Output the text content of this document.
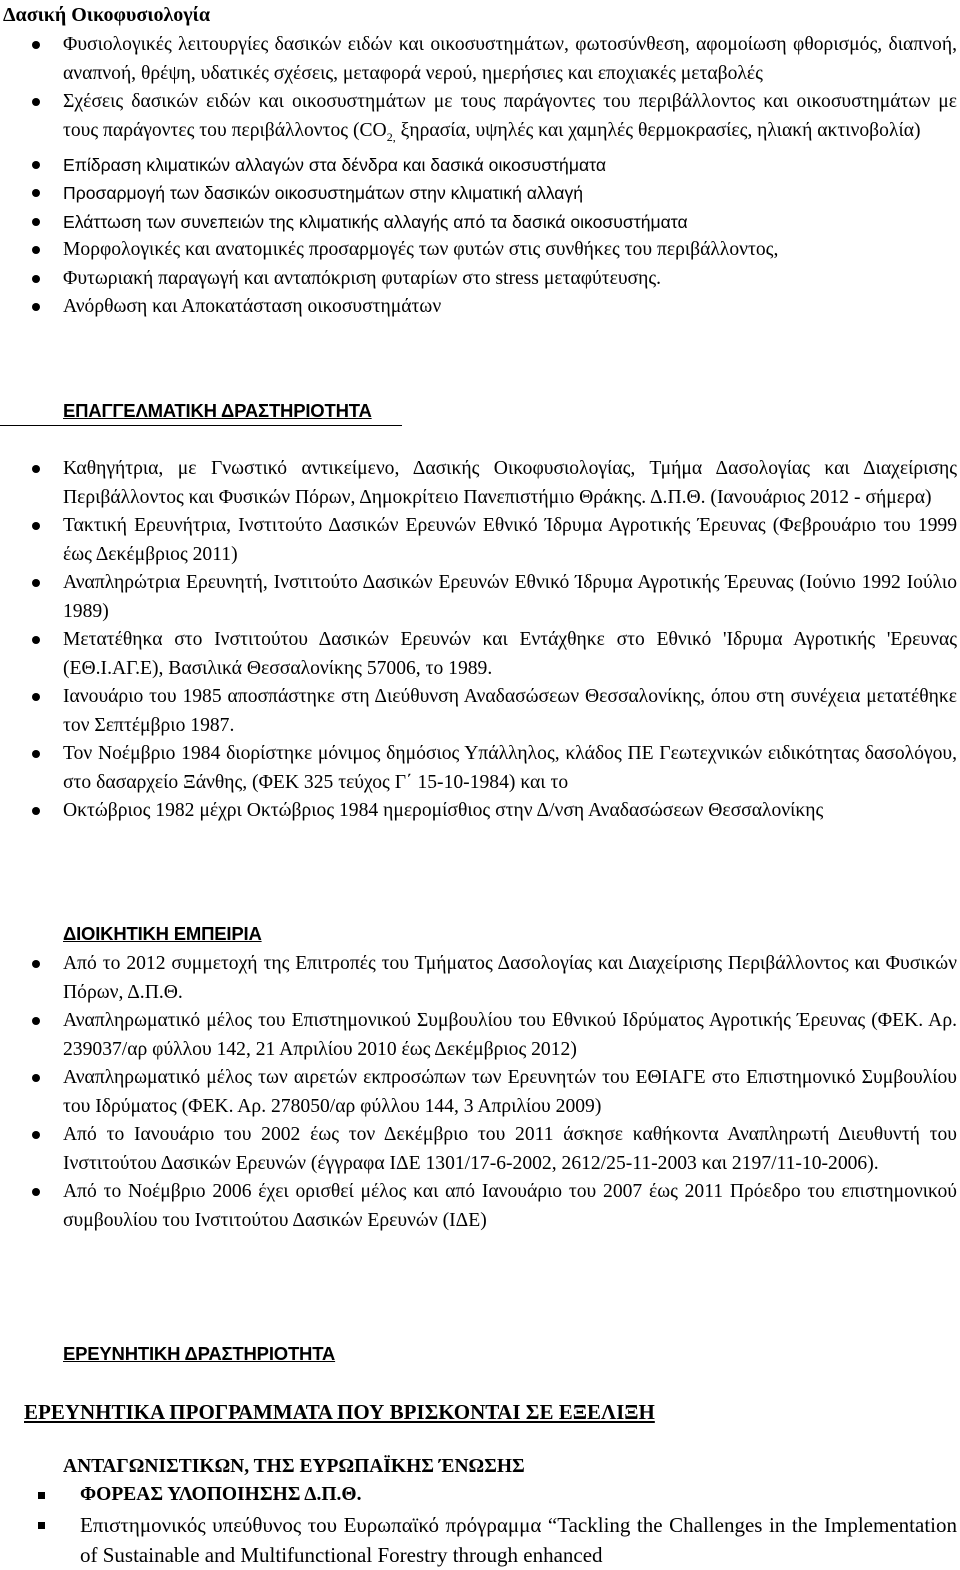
Δασική Οικοφυσιολογία
Φυσιολογικές λειτουργίες δασικών ειδών και οικοσυστημάτων, φωτοσύνθεση, αφομοίωση φθορισμός, διαπνοή, αναπνοή, θρέψη, υδατικές σχέσεις, μεταφορά νερού, ημερήσιες και εποχιακές μεταβολές
Σχέσεις δασικών ειδών και οικοσυστημάτων με τους παράγοντες του περιβάλλοντος και οικοσυστημάτων με τους παράγοντες του περιβάλλοντος ($CO_{2,}$ ξηρασία, υψηλές και χαμηλές θερμοκρασίες, ηλιακή ακτινοβολία)
Επίδραση κλιματικών αλλαγών στα δένδρα και δασικά οικοσυστήματα
Προσαρμογή των δασικών οικοσυστημάτων στην κλιματική αλλαγή
Ελάττωση των συνεπειών της κλιματικής αλλαγής από τα δασικά οικοσυστήματα
Μορφολογικές και ανατομικές προσαρμογές των φυτών στις συνθήκες του περιβάλλοντος,
Φυτωριακή παραγωγή και ανταπόκριση φυταρίων στο stress μεταφύτευσης.
Ανόρθωση και Αποκατάσταση οικοσυστημάτων
ΕΠΑΓΓΕΛΜΑΤΙΚΗ ΔΡΑΣΤΗΡΙΟΤΗΤΑ
Καθηγήτρια, με Γνωστικό αντικείμενο, Δασικής Οικοφυσιολογίας, Τμήμα Δασολογίας και Διαχείρισης Περιβάλλοντος και Φυσικών Πόρων, Δημοκρίτειο Πανεπιστήμιο Θράκης. Δ.Π.Θ. (Ιανουάριος 2012 - σήμερα)
Τακτική Ερευνήτρια, Ινστιτούτο Δασικών Ερευνών Εθνικό Ίδρυμα Αγροτικής Έρευνας (Φεβρουάριο του 1999 έως Δεκέμβριος 2011)
Αναπληρώτρια Ερευνητή, Ινστιτούτο Δασικών Ερευνών Εθνικό Ίδρυμα Αγροτικής Έρευνας (Ιούνιο 1992 Ιούλιο 1989)
Μετατέθηκα στο Ινστιτούτου Δασικών Ερευνών και Εντάχθηκε στο Εθνικό 'Ιδρυμα Αγροτικής 'Ερευνας (ΕΘ.Ι.ΑΓ.Ε), Βασιλικά Θεσσαλονίκης 57006, το 1989.
Ιανουάριο του 1985 αποσπάστηκε στη Διεύθυνση Αναδασώσεων Θεσσαλονίκης, όπου στη συνέχεια μετατέθηκε τον Σεπτέμβριο 1987.
Τον Νοέμβριο 1984 διορίστηκε μόνιμος δημόσιος Υπάλληλος, κλάδος ΠΕ Γεωτεχνικών ειδικότητας δασολόγου, στο δασαρχείο Ξάνθης, (ΦΕΚ 325 τεύχος Γ΄ 15-10-1984) και το
Οκτώβριος 1982 μέχρι Οκτώβριος 1984 ημερομίσθιος στην Δ/νση Αναδασώσεων Θεσσαλονίκης
ΔΙΟΙΚΗΤΙΚΗ ΕΜΠΕΙΡΙΑ
Από το 2012 συμμετοχή της Επιτροπές του Τμήματος Δασολογίας και Διαχείρισης Περιβάλλοντος και Φυσικών Πόρων, Δ.Π.Θ.
Αναπληρωματικό μέλος του Επιστημονικού Συμβουλίου του Εθνικού Ιδρύματος Αγροτικής Έρευνας (ΦΕΚ. Αρ. 239037/αρ φύλλου 142, 21 Απριλίου 2010 έως Δεκέμβριος 2012)
Αναπληρωματικό μέλος των αιρετών εκπροσώπων των Ερευνητών του ΕΘΙΑΓΕ στο Επιστημονικό Συμβουλίου του Ιδρύματος (ΦΕΚ. Αρ. 278050/αρ φύλλου 144, 3 Απριλίου 2009)
Από το Ιανουάριο του 2002 έως τον Δεκέμβριο του 2011 άσκησε καθήκοντα Αναπληρωτή Διευθυντή του Ινστιτούτου Δασικών Ερευνών (έγγραφα ΙΔΕ 1301/17-6-2002, 2612/25-11-2003 και 2197/11-10-2006).
Από το Νοέμβριο 2006 έχει ορισθεί μέλος και από Ιανουάριο του 2007 έως 2011 Πρόεδρο του επιστημονικού συμβουλίου του Ινστιτούτου Δασικών Ερευνών (ΙΔΕ)
ΕΡΕΥΝΗΤΙΚΗ ΔΡΑΣΤΗΡΙΟΤΗΤΑ
ΕΡΕΥΝΗΤΙΚΑ ΠΡΟΓΡΑΜΜΑΤΑ ΠΟΥ ΒΡΙΣΚΟΝΤΑΙ ΣΕ ΕΞΕΛΙΞΗ
ΑΝΤΑΓΩΝΙΣΤΙΚΩΝ, ΤΗΣ ΕΥΡΩΠΑΪΚΗΣ ΈΝΩΣΗΣ
ΦΟΡΕΑΣ ΥΛΟΠΟΙΗΣΗΣ Δ.Π.Θ.
Επιστημονικός υπεύθυνος του Ευρωπαϊκό πρόγραμμα “Tackling the Challenges in the Implementation of Sustainable and Multifunctional Forestry through enhanced
